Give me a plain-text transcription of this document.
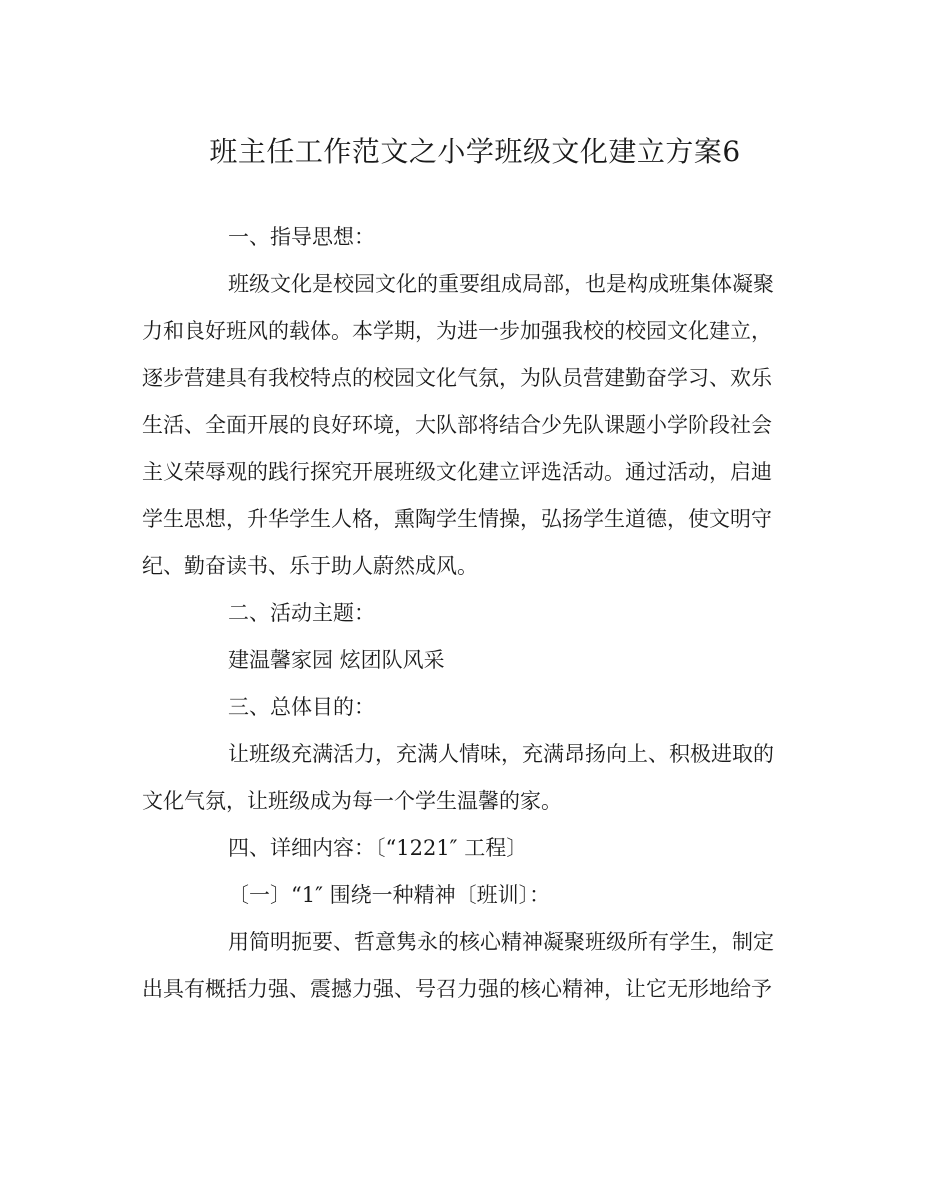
班主任工作范文之小学班级文化建立方案6

一、指导思想：

班级文化是校园文化的重要组成局部，也是构成班集体凝聚

力和良好班风的载体。本学期，为进一步加强我校的校园文化建立，

逐步营建具有我校特点的校园文化气氛，为队员营建勤奋学习、欢乐

生活、全面开展的良好环境，大队部将结合少先队课题小学阶段社会

主义荣辱观的践行探究开展班级文化建立评选活动。通过活动，启迪

学生思想，升华学生人格，熏陶学生情操，弘扬学生道德，使文明守

纪、勤奋读书、乐于助人蔚然成风。

二、活动主题：

建温馨家园 炫团队风采

三、总体目的：

让班级充满活力，充满人情味，充满昂扬向上、积极进取的

文化气氛，让班级成为每一个学生温馨的家。

四、详细内容：〔“1221″ 工程〕

〔一〕“1″ 围绕一种精神〔班训〕：

用简明扼要、哲意隽永的核心精神凝聚班级所有学生，制定

出具有概括力强、震撼力强、号召力强的核心精神，让它无形地给予
